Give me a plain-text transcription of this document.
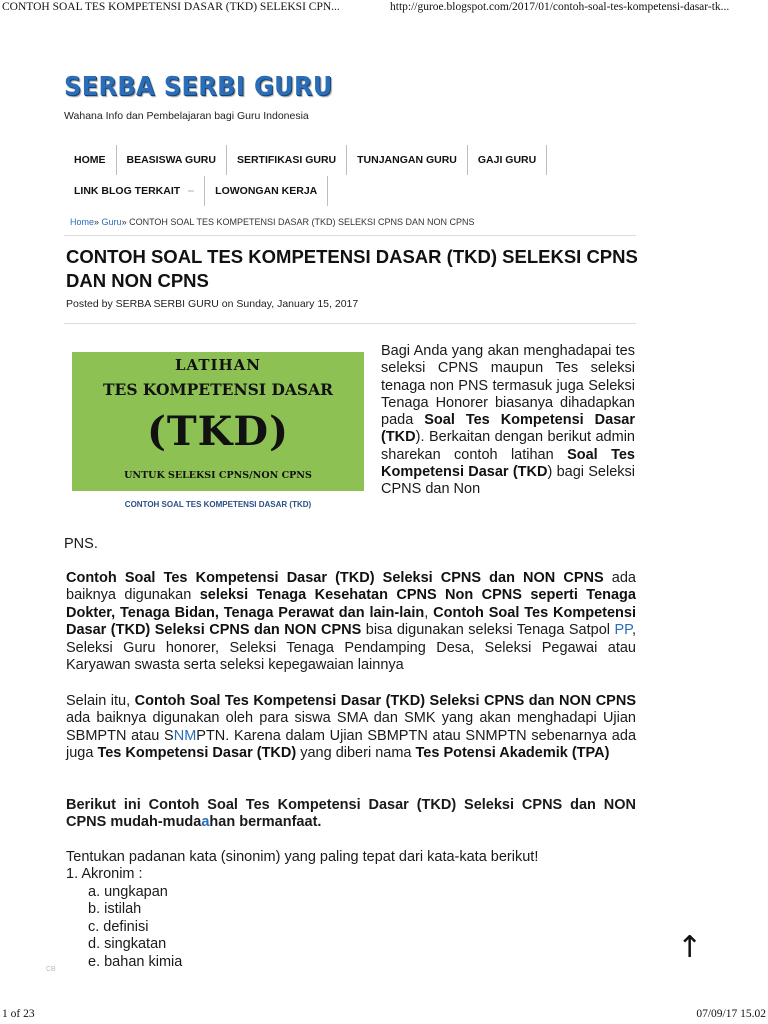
CONTOH SOAL TES KOMPETENSI DASAR (TKD) SELEKSI CPN...	http://guroe.blogspot.com/2017/01/contoh-soal-tes-kompetensi-dasar-tk...
SERBA SERBI GURU
Wahana Info dan Pembelajaran bagi Guru Indonesia
HOME	BEASISWA GURU	SERTIFIKASI GURU	TUNJANGAN GURU	GAJI GURU
LINK BLOG TERKAIT	LOWONGAN KERJA
Home» Guru» CONTOH SOAL TES KOMPETENSI DASAR (TKD) SELEKSI CPNS DAN NON CPNS
CONTOH SOAL TES KOMPETENSI DASAR (TKD) SELEKSI CPNS DAN NON CPNS
Posted by SERBA SERBI GURU on Sunday, January 15, 2017
LATIHAN
TES KOMPETENSI DASAR
(TKD)
UNTUK SELEKSI CPNS/NON CPNS
CONTOH SOAL TES KOMPETENSI DASAR (TKD)
Bagi Anda yang akan menghadapai tes seleksi CPNS maupun Tes seleksi tenaga non PNS termasuk juga Seleksi Tenaga Honorer biasanya dihadapkan pada Soal Tes Kompetensi Dasar (TKD). Berkaitan dengan berikut admin sharekan contoh latihan Soal Tes Kompetensi Dasar (TKD) bagi Seleksi CPNS dan Non
PNS.
Contoh Soal Tes Kompetensi Dasar (TKD) Seleksi CPNS dan NON CPNS ada baiknya digunakan seleksi Tenaga Kesehatan CPNS Non CPNS seperti Tenaga Dokter, Tenaga Bidan, Tenaga Perawat dan lain-lain, Contoh Soal Tes Kompetensi Dasar (TKD) Seleksi CPNS dan NON CPNS bisa digunakan seleksi Tenaga Satpol PP, Seleksi Guru honorer, Seleksi Tenaga Pendamping Desa, Seleksi Pegawai atau Karyawan swasta serta seleksi kepegawaian lainnya
Selain itu, Contoh Soal Tes Kompetensi Dasar (TKD) Seleksi CPNS dan NON CPNS ada baiknya digunakan oleh para siswa SMA dan SMK yang akan menghadapi Ujian SBMPTN atau SNMPTN. Karena dalam Ujian SBMPTN atau SNMPTN sebenarnya ada juga Tes Kompetensi Dasar (TKD) yang diberi nama Tes Potensi Akademik (TPA)
Berikut ini Contoh Soal Tes Kompetensi Dasar (TKD) Seleksi CPNS dan NON CPNS mudah-mudaahan bermanfaat.
Tentukan padanan kata (sinonim) yang paling tepat dari kata-kata berikut!
1. Akronim :
a. ungkapan
b. istilah
c. definisi
d. singkatan
e. bahan kimia	↑
CB
1 of 23	07/09/17 15.02
